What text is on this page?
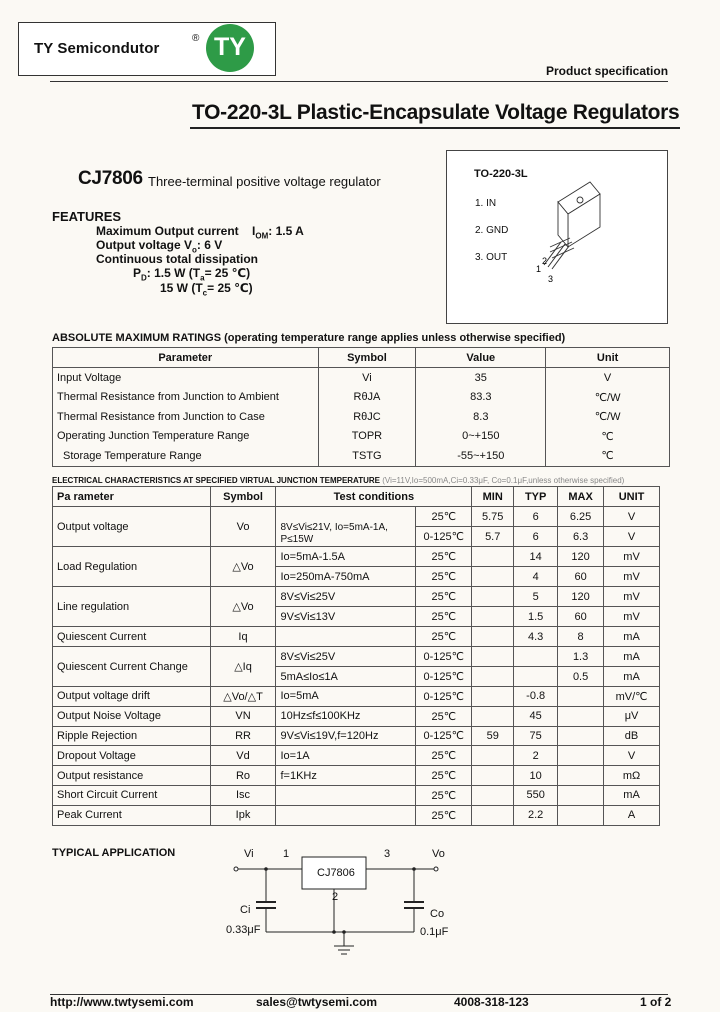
TY Semicondutor
® TY
Product specification
TO-220-3L Plastic-Encapsulate Voltage Regulators
CJ7806 Three-terminal positive voltage regulator	TO-220-3L
1. IN
2. GND
3. OUT	2
1
3
FEATURES
Maximum Output current $I_{OM}$: 1.5 A
Output voltage $V_o$: 6 V
Continuous total dissipation
$P_D$: 1.5 W ($T_a= 25$ ℃)
15 W ($T_c= 25$ ℃)
ABSOLUTE MAXIMUM RATINGS (operating temperature range applies unless otherwise specified)
Parameter	Symbol	Value	Unit
Input Voltage	Vi	35	V
Thermal Resistance from Junction to Ambient	RθJA	83.3	℃/W
Thermal Resistance from Junction to Case	RθJC	8.3	℃/W
Operating Junction Temperature Range	TOPR	0~+150	℃
Storage Temperature Range	TSTG	-55~+150	℃
ELECTRICAL CHARACTERISTICS AT SPECIFIED VIRTUAL JUNCTION TEMPERATURE (Vi=11V,Io=500mA,Ci=0.33μF, Co=0.1μF,unless otherwise specified)
Pa rameter	Symbol	Test conditions		MIN	TYP	MAX	UNIT
Output voltage	Vo	8V≤Vi≤21V, Io=5mA-1A, P≤15W	25℃	5.75	6	6.25	V
			0-125℃	5.7	6	6.3	V
Load Regulation	△Vo	Io=5mA-1.5A	25℃		14	120	mV
		Io=250mA-750mA	25℃		4	60	mV
Line regulation	△Vo	8V≤Vi≤25V	25℃		5	120	mV
		9V≤Vi≤13V	25℃		1.5	60	mV
Quiescent Current	Iq		25℃		4.3	8	mA
Quiescent Current Change	△Iq	8V≤Vi≤25V	0-125℃			1.3	mA
		5mA≤Io≤1A	0-125℃			0.5	mA
Output voltage drift	△Vo/△T	Io=5mA	0-125℃		-0.8		mV/℃
Output Noise Voltage	VN	10Hz≤f≤100KHz	25℃		45		μV
Ripple Rejection	RR	9V≤Vi≤19V,f=120Hz	0-125℃	59	75		dB
Dropout Voltage	Vd	Io=1A	25℃		2		V
Output resistance	Ro	f=1KHz	25℃		10		mΩ
Short Circuit Current	Isc		25℃		550		mA
Peak Current	Ipk		25℃		2.2		A
TYPICAL APPLICATION	Vi	1	3	Vo
CJ7806
2
Ci
0.33μF
Co
0.1μF
http://www.twtysemi.com	sales@twtysemi.com	4008-318-123	1 of 2
